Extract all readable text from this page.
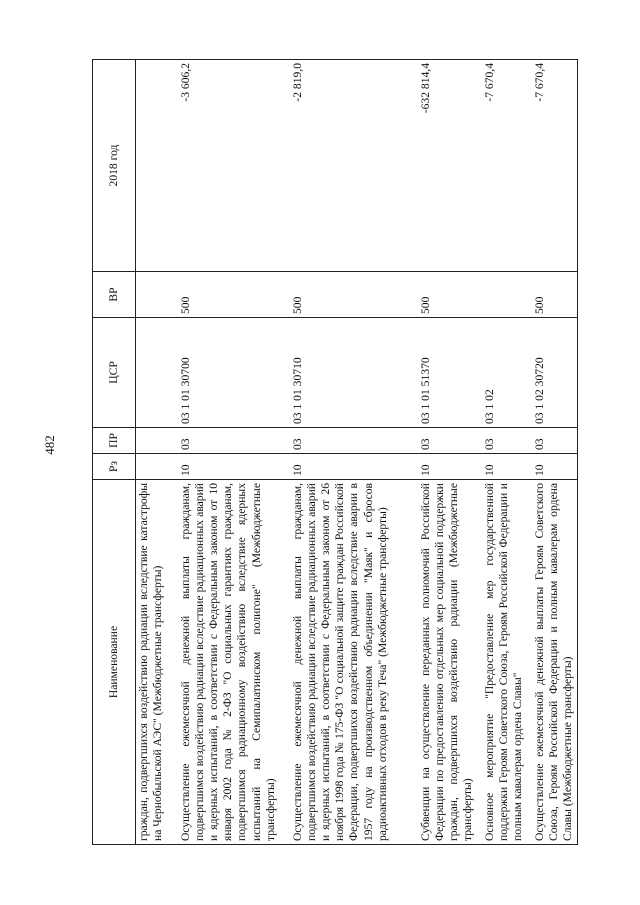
482
Наименование	Рз	ПР	ЦСР	ВР	2018 год
граждан, подвергшихся воздействию радиации вследствие катастрофы на Чернобыльской АЭС" (Межбюджетные трансферты)					
Осуществление ежемесячной денежной выплаты гражданам, подвергшимся воздействию радиации вследствие радиационных аварий и ядерных испытаний, в соответствии с Федеральным законом от 10 января 2002 года № 2-ФЗ "О социальных гарантиях гражданам, подвергшимся радиационному воздействию вследствие ядерных испытаний на Семипалатинском полигоне" (Межбюджетные трансферты)	10	03	03 1 01 30700	500	-3 606,2
Осуществление ежемесячной денежной выплаты гражданам, подвергшимся воздействию радиации вследствие радиационных аварий и ядерных испытаний, в соответствии с Федеральным законом от 26 ноября 1998 года № 175-ФЗ "О социальной защите граждан Российской Федерации, подвергшихся воздействию радиации вследствие аварии в 1957 году на производственном объединении "Маяк" и сбросов радиоактивных отходов в реку Теча" (Межбюджетные трансферты)	10	03	03 1 01 30710	500	-2 819,0
Субвенции на осуществление переданных полномочий Российской Федерации по предоставлению отдельных мер социальной поддержки граждан, подвергшихся воздействию радиации (Межбюджетные трансферты)	10	03	03 1 01 51370	500	-632 814,4
Основное мероприятие "Предоставление мер государственной поддержки Героям Советского Союза, Героям Российской Федерации и полным кавалерам ордена Славы"	10	03	03 1 02		-7 670,4
Осуществление ежемесячной денежной выплаты Героям Советского Союза, Героям Российской Федерации и полным кавалерам ордена Славы (Межбюджетные трансферты)	10	03	03 1 02 30720	500	-7 670,4
